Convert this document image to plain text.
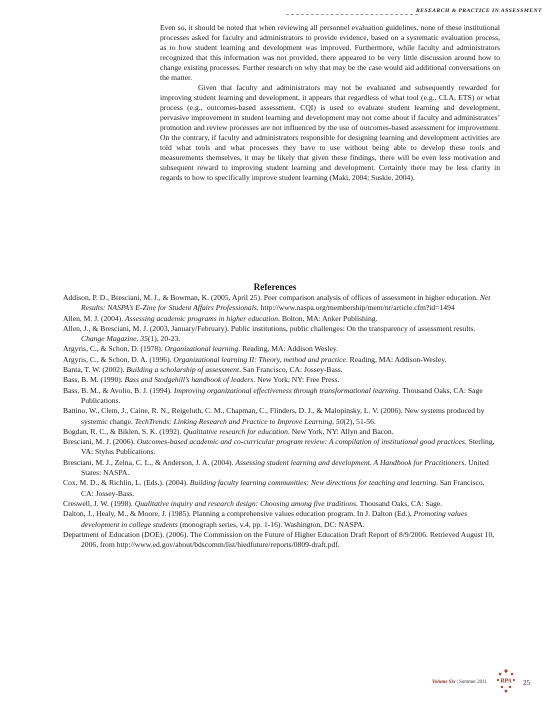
RESEARCH & PRACTICE IN ASSESSMENT

Even so, it should be noted that when reviewing all personnel evaluation guidelines, none of these institutional processes asked for faculty and administrators to provide evidence, based on a systematic evaluation process, as to how student learning and development was improved. Furthermore, while faculty and administrators recognized that this information was not provided, there appeared to be very little discussion around how to change existing processes. Further research on why that may be the case would aid additional conversations on the matter.

Given that faculty and administrators may not be evaluated and subsequently rewarded for improving student learning and development, it appears that regardless of what tool (e.g., CLA, ETS) or what process (e.g., outcomes-based assessment, CQI) is used to evaluate student learning and development, pervasive improvement in student learning and development may not come about if faculty and administrators’ promotion and review processes are not influenced by the use of outcomes-based assessment for improvement. On the contrary, if faculty and administrators responsible for designing learning and development activities are told what tools and what processes they have to use without being able to develop these tools and measurements themselves, it may be likely that given these findings, there will be even less motivation and subsequent reward to improving student learning and development. Certainly there may be less clarity in regards to how to specifically improve student learning (Maki, 2004; Suskie, 2004).

References
Addison, P. D., Bresciani, M. J., & Bowman, K. (2005, April 25). Peer comparison analysis of offices of assessment in higher education. Net Results: NASPA’s E-Zine for Student Affairs Professionals. http://www.naspa.org/membership/mem/nr/article.cfm?id=1494
Allen, M. J. (2004). Assessing academic programs in higher education. Bolton, MA: Anker Publishing.
Allen, J., & Bresciani, M. J. (2003, January/February). Public institutions, public challenges: On the transparency of assessment results. Change Magazine, 35(1), 20-23.
Argyris, C., & Schon, D. (1978). Organizational learning. Reading, MA: Addison Wesley.
Argyris, C., & Schon, D. A. (1996). Organizational learning II: Theory, method and practice. Reading, MA: Addison-Wesley.
Banta, T. W. (2002). Building a scholarship of assessment. San Francisco, CA: Jossey-Bass.
Bass, B. M. (1990). Bass and Stodgehill’s handbook of leaders. New York, NY: Free Press.
Bass, B. M., & Avolio, B. J. (1994). Improving organizational effectiveness through transformational learning. Thousand Oaks, CA: Sage Publications.
Battino, W., Clem, J., Caine, R. N., Reigeluth, C. M., Chapman, C., Flinders, D. J., & Malopinsky, L. V. (2006). New systems produced by systemic change. TechTrends: Linking Research and Practice to Improve Learning, 50(2), 51-56.
Bogdan, R. C., & Biklen, S. K. (1992). Qualitative research for education. New York, NY: Allyn and Bacon.
Bresciani, M. J. (2006). Outcomes-based academic and co-curricular program review: A compilation of institutional good practices. Sterling, VA: Stylus Publications.
Bresciani, M. J., Zelna, C. L., & Anderson, J. A. (2004). Assessing student learning and development. A Handbook for Practitioners. United States: NASPA.
Cox, M. D., & Richlin, L. (Eds.). (2004). Building faculty learning communities: New directions for teaching and learning. San Francisco, CA: Jossey-Bass.
Creswell, J. W. (1998). Qualitative inquiry and research design: Choosing among five traditions. Thousand Oaks, CA: Sage.
Dalton, J., Healy, M., & Moore, J. (1985). Planning a comprehensive values education program. In J. Dalton (Ed.), Promoting values development in college students (monograph series, v.4, pp. 1-16). Washington, DC: NASPA.
Department of Education (DOE). (2006). The Commission on the Future of Higher Education Draft Report of 8/9/2006. Retrieved August 10, 2006, from http://www.ed.gov/about/bdscomm/list/hiedfuture/reports/0809-draft.pdf.
Volume Six | Summer 2011 RPA 25
